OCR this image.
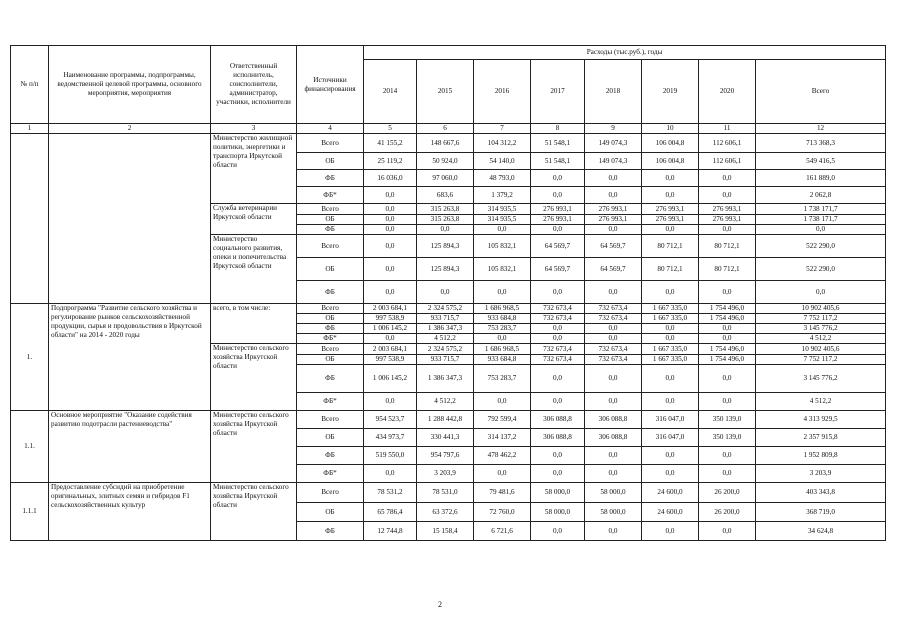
№ п/п	Наименование программы, подпрограммы, ведомственной целевой программы, основного мероприятия, мероприятия	Ответственный исполнитель, соисполнители, администратор, участники, исполнители	Источники финансирования	Расходы (тыс.руб.), годы							
				2014	2015	2016	2017	2018	2019	2020	Всего
1	2	3	4	5	6	7	8	9	10	11	12
		Министерство жилищной политики, энергетики и транспорта Иркутской области	Всего	41 155,2	148 667,6	104 312,2	51 548,1	149 074,3	106 004,8	112 606,1	713 368,3
			ОБ	25 119,2	50 924,0	54 140,0	51 548,1	149 074,3	106 004,8	112 606,1	549 416,5
			ФБ	16 036,0	97 060,0	48 793,0	0,0	0,0	0,0	0,0	161 889,0
			ФБ*	0,0	683,6	1 379,2	0,0	0,0	0,0	0,0	2 062,8
		Служба ветеринарии Иркутской области	Всего	0,0	315 263,8	314 935,5	276 993,1	276 993,1	276 993,1	276 993,1	1 738 171,7
			ОБ	0,0	315 263,8	314 935,5	276 993,1	276 993,1	276 993,1	276 993,1	1 738 171,7
			ФБ	0,0	0,0	0,0	0,0	0,0	0,0	0,0	0,0
		Министерство социального развития, опеки и попечительства Иркутской области	Всего	0,0	125 894,3	105 832,1	64 569,7	64 569,7	80 712,1	80 712,1	522 290,0
			ОБ	0,0	125 894,3	105 832,1	64 569,7	64 569,7	80 712,1	80 712,1	522 290,0
			ФБ	0,0	0,0	0,0	0,0	0,0	0,0	0,0	0,0
1.	Подпрограмма "Развитие сельского хозяйства и регулирование рынков сельскохозяйственной продукции, сырья и продовольствия в Иркутской области" на 2014 - 2020 годы	всего, в том числе:	Всего	2 003 684,1	2 324 575,2	1 686 968,5	732 673,4	732 673,4	1 667 335,0	1 754 496,0	10 902 405,6
			ОБ	997 538,9	933 715,7	933 684,8	732 673,4	732 673,4	1 667 335,0	1 754 496,0	7 752 117,2
			ФБ	1 006 145,2	1 386 347,3	753 283,7	0,0	0,0	0,0	0,0	3 145 776,2
			ФБ*	0,0	4 512,2	0,0	0,0	0,0	0,0	0,0	4 512,2
		Министерство сельского хозяйства Иркутской области	Всего	2 003 684,1	2 324 575,2	1 686 968,5	732 673,4	732 673,4	1 667 335,0	1 754 496,0	10 902 405,6
			ОБ	997 538,9	933 715,7	933 684,8	732 673,4	732 673,4	1 667 335,0	1 754 496,0	7 752 117,2
			ФБ	1 006 145,2	1 386 347,3	753 283,7	0,0	0,0	0,0	0,0	3 145 776,2
			ФБ*	0,0	4 512,2	0,0	0,0	0,0	0,0	0,0	4 512,2
1.1.	Основное мероприятие "Оказание содействия развитию подотрасли растениеводства"	Министерство сельского хозяйства Иркутской области	Всего	954 523,7	1 288 442,8	792 599,4	306 088,8	306 088,8	316 047,0	350 139,0	4 313 929,5
			ОБ	434 973,7	330 441,3	314 137,2	306 088,8	306 088,8	316 047,0	350 139,0	2 357 915,8
			ФБ	519 550,0	954 797,6	478 462,2	0,0	0,0	0,0	0,0	1 952 809,8
			ФБ*	0,0	3 203,9	0,0	0,0	0,0	0,0	0,0	3 203,9
1.1.1	Предоставление субсидий на приобретение оригинальных, элитных семян и гибридов F1 сельскохозяйственных культур	Министерство сельского хозяйства Иркутской области	Всего	78 531,2	78 531,0	79 481,6	58 000,0	58 000,0	24 600,0	26 200,0	403 343,8
			ОБ	65 786,4	63 372,6	72 760,0	58 000,0	58 000,0	24 600,0	26 200,0	368 719,0
			ФБ	12 744,8	15 158,4	6 721,6	0,0	0,0	0,0	0,0	34 624,8
2
